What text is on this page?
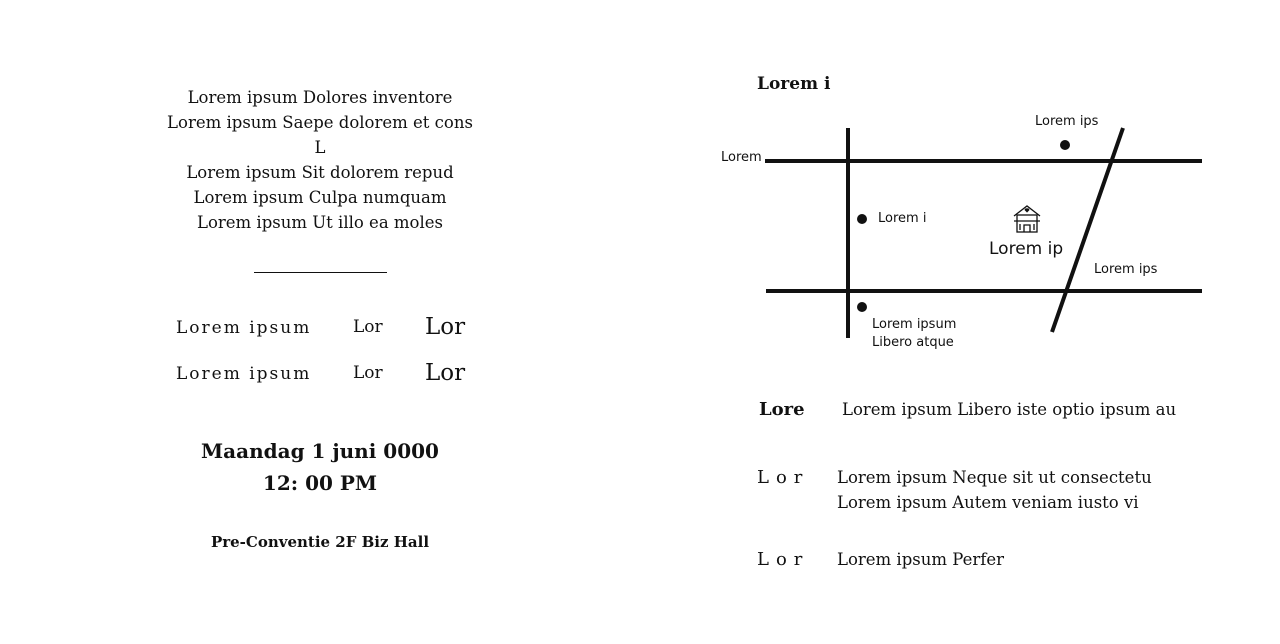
Lorem ipsum Dolores inventore
Lorem ipsum Saepe dolorem et cons
L
Lorem ipsum Sit dolorem repud
Lorem ipsum Culpa numquam
Lorem ipsum Ut illo ea moles
Lorem ipsum Lor Lor
Lorem ipsum Lor Lor
Maandag 1 juni 0000
12: 00 PM
Pre-Conventie 2F Biz Hall
Lorem i
Lorem
Lorem ips
Lorem i
Lorem ip
Lorem ips
Lorem ipsum
Libero atque
Lore Lorem ipsum Libero iste optio ipsum au
Lor Lorem ipsum Neque sit ut consectetu
Lorem ipsum Autem veniam iusto vi
Lor Lorem ipsum Perfer
